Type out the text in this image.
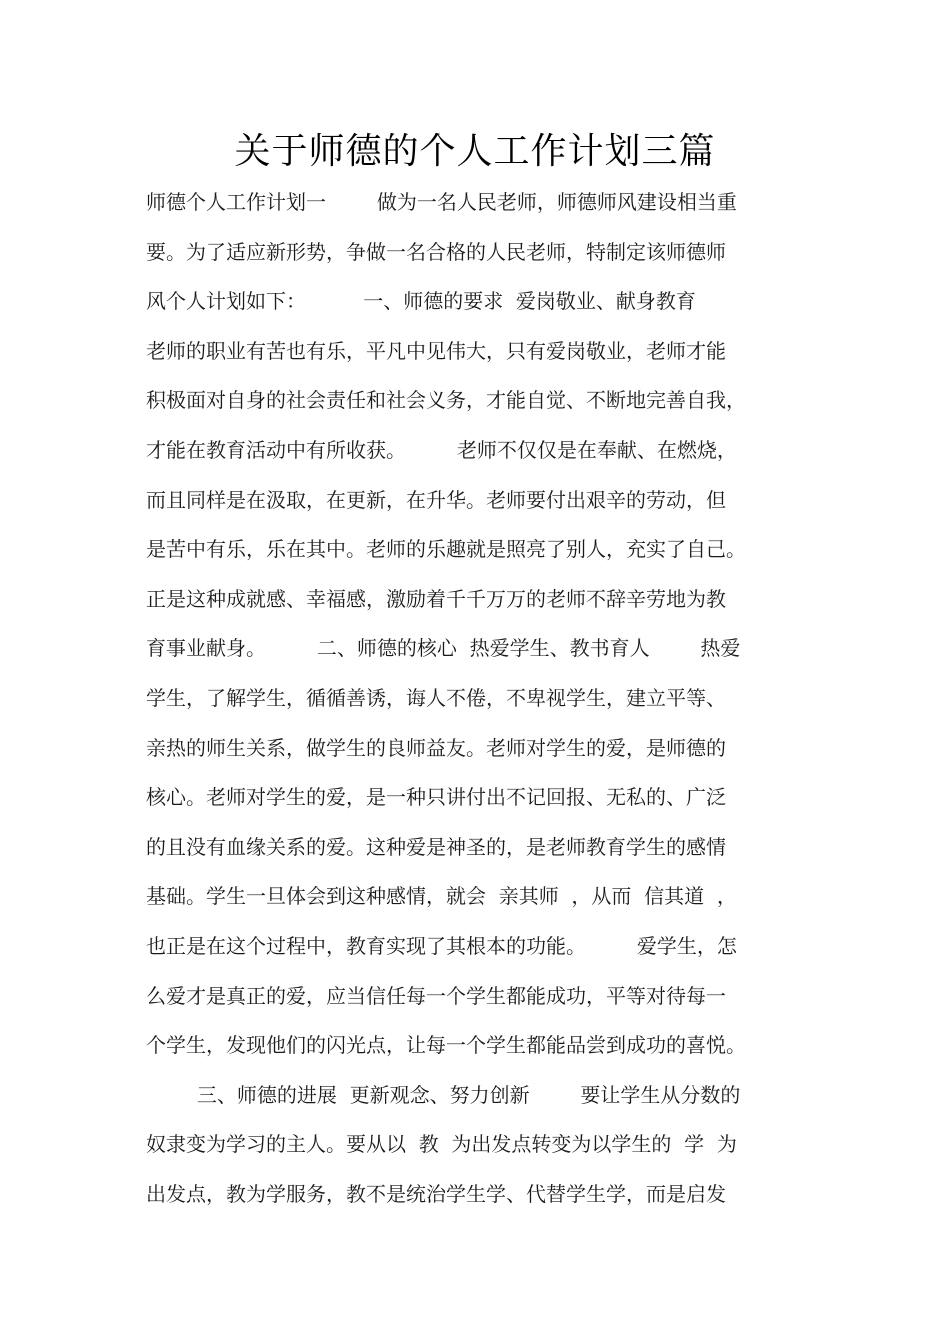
关于师德的个人工作计划三篇
师德个人工作计划一        做为一名人民老师，师德师风建设相当重
要。为了适应新形势，争做一名合格的人民老师，特制定该师德师
风个人计划如下：         一、师德的要求  爱岗敬业、献身教育
老师的职业有苦也有乐，平凡中见伟大，只有爱岗敬业，老师才能
积极面对自身的社会责任和社会义务，才能自觉、不断地完善自我，
才能在教育活动中有所收获。        老师不仅仅是在奉献、在燃烧，
而且同样是在汲取，在更新，在升华。老师要付出艰辛的劳动，但
是苦中有乐，乐在其中。老师的乐趣就是照亮了别人，充实了自己。
正是这种成就感、幸福感，激励着千千万万的老师不辞辛劳地为教
育事业献身。        二、师德的核心  热爱学生、教书育人        热爱
学生，了解学生，循循善诱，诲人不倦，不卑视学生，建立平等、
亲热的师生关系，做学生的良师益友。老师对学生的爱，是师德的
核心。老师对学生的爱，是一种只讲付出不记回报、无私的、广泛
的且没有血缘关系的爱。这种爱是神圣的，是老师教育学生的感情
基础。学生一旦体会到这种感情，就会  亲其师  ，从而  信其道  ，
也正是在这个过程中，教育实现了其根本的功能。        爱学生，怎
么爱才是真正的爱，应当信任每一个学生都能成功，平等对待每一
个学生，发现他们的闪光点，让每一个学生都能品尝到成功的喜悦。
三、师德的进展  更新观念、努力创新        要让学生从分数的
奴隶变为学习的主人。要从以  教  为出发点转变为以学生的  学  为
出发点，教为学服务，教不是统治学生学、代替学生学，而是启发
